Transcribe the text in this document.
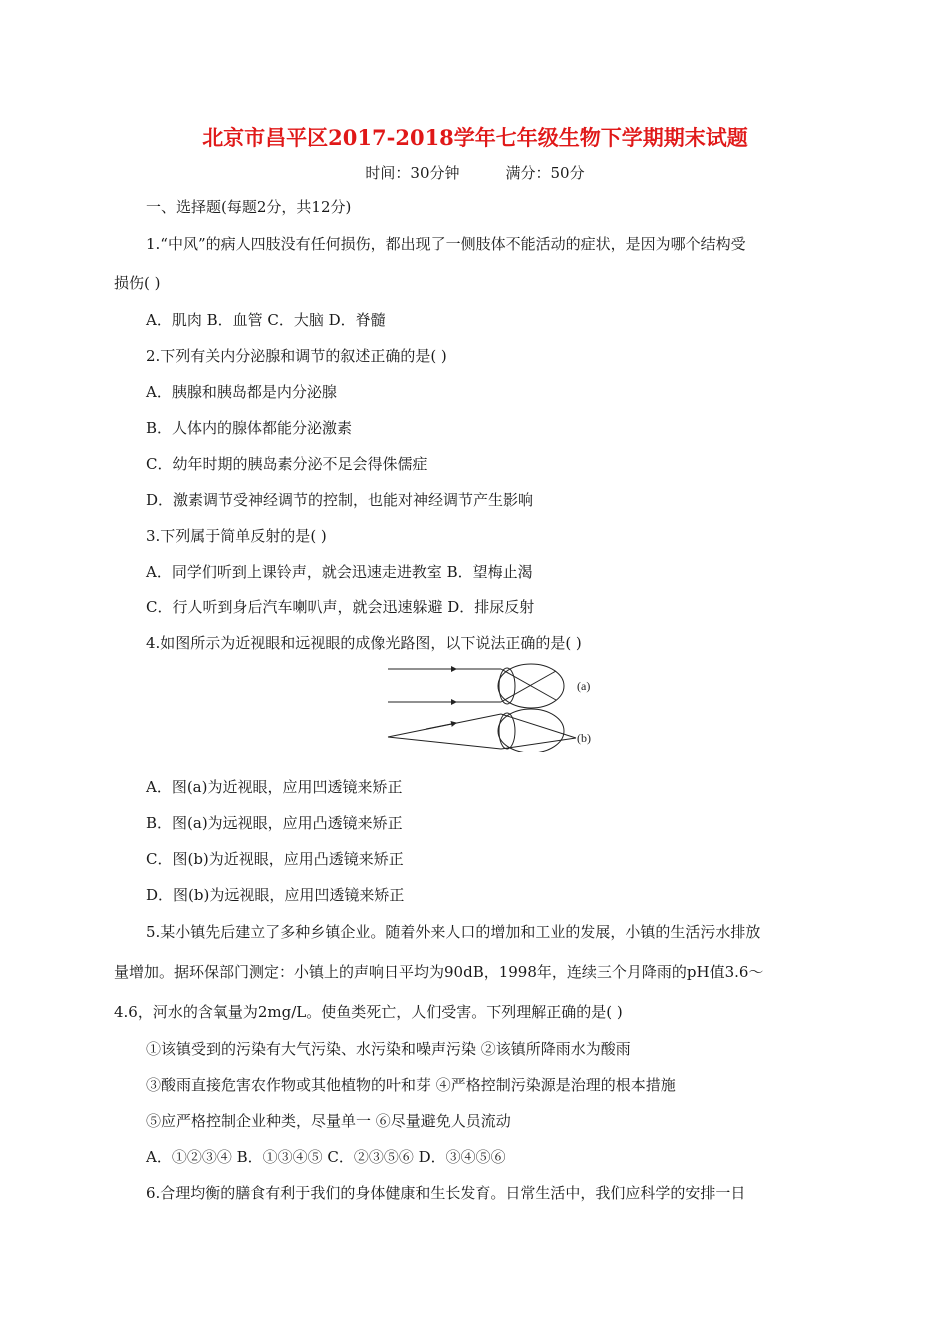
北京市昌平区2017-2018学年七年级生物下学期期末试题
时间：30分钟	满分：50分
一、选择题(每题2分，共12分)
1.“中风”的病人四肢没有任何损伤，都出现了一侧肢体不能活动的症状，是因为哪个结构受
损伤( )
A．肌肉 B．血管 C．大脑 D．脊髓
2.下列有关内分泌腺和调节的叙述正确的是( )
A．胰腺和胰岛都是内分泌腺
B．人体内的腺体都能分泌激素
C．幼年时期的胰岛素分泌不足会得侏儒症
D．激素调节受神经调节的控制，也能对神经调节产生影响
3.下列属于简单反射的是( )
A．同学们听到上课铃声，就会迅速走进教室 B．望梅止渴
C．行人听到身后汽车喇叭声，就会迅速躲避 D．排尿反射
4.如图所示为近视眼和远视眼的成像光路图，以下说法正确的是( )
(a)
(b)
A．图(a)为近视眼，应用凹透镜来矫正
B．图(a)为远视眼，应用凸透镜来矫正
C．图(b)为近视眼，应用凸透镜来矫正
D．图(b)为远视眼，应用凹透镜来矫正
5.某小镇先后建立了多种乡镇企业。随着外来人口的增加和工业的发展，小镇的生活污水排放
量增加。据环保部门测定：小镇上的声响日平均为90dB，1998年，连续三个月降雨的pH值3.6～
4.6，河水的含氧量为2mg/L。使鱼类死亡，人们受害。下列理解正确的是( )
①该镇受到的污染有大气污染、水污染和噪声污染 ②该镇所降雨水为酸雨
③酸雨直接危害农作物或其他植物的叶和芽 ④严格控制污染源是治理的根本措施
⑤应严格控制企业种类，尽量单一 ⑥尽量避免人员流动
A．①②③④ B．①③④⑤ C．②③⑤⑥ D．③④⑤⑥
6.合理均衡的膳食有利于我们的身体健康和生长发育。日常生活中，我们应科学的安排一日
